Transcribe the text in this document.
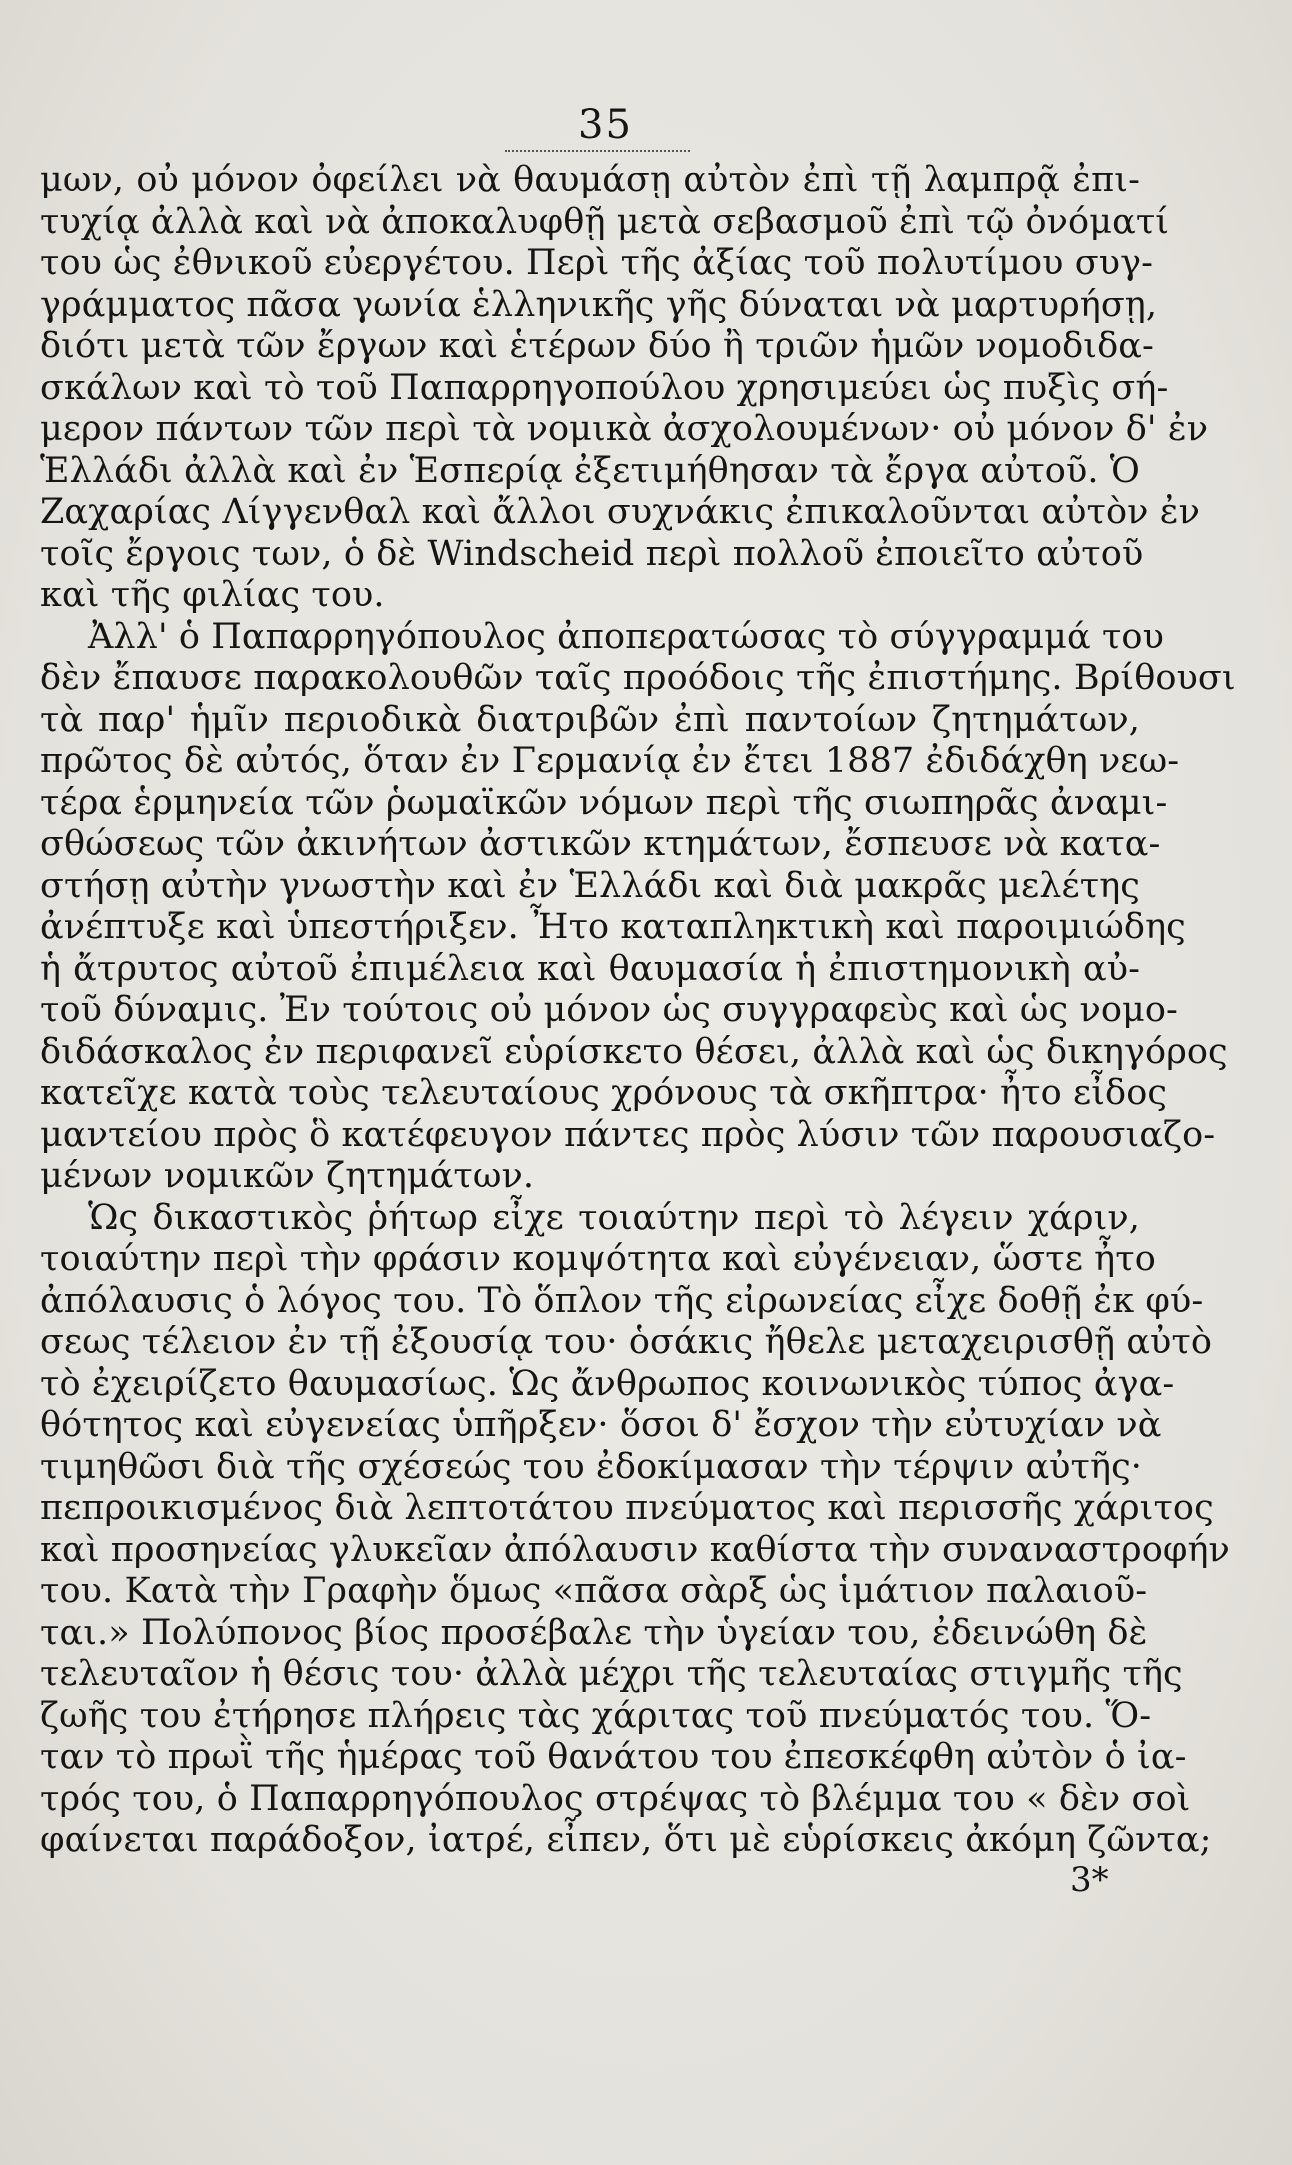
35
μων, οὐ μόνον ὀφείλει νὰ θαυμάσῃ αὐτὸν ἐπὶ τῇ λαμπρᾷ ἐπι-
τυχίᾳ ἀλλὰ καὶ νὰ ἀποκαλυφθῇ μετὰ σεβασμοῦ ἐπὶ τῷ ὀνόματί
του ὡς ἐθνικοῦ εὐεργέτου. Περὶ τῆς ἀξίας τοῦ πολυτίμου συγ-
γράμματος πᾶσα γωνία ἑλληνικῆς γῆς δύναται νὰ μαρτυρήσῃ,
διότι μετὰ τῶν ἔργων καὶ ἑτέρων δύο ἢ τριῶν ἡμῶν νομοδιδα-
σκάλων καὶ τὸ τοῦ Παπαρρηγοπούλου χρησιμεύει ὡς πυξὶς σή-
μερον πάντων τῶν περὶ τὰ νομικὰ ἀσχολουμένων· οὐ μόνον δ' ἐν
Ἑλλάδι ἀλλὰ καὶ ἐν Ἑσπερίᾳ ἐξετιμήθησαν τὰ ἔργα αὐτοῦ. Ὁ
Ζαχαρίας Λίγγενθαλ καὶ ἄλλοι συχνάκις ἐπικαλοῦνται αὐτὸν ἐν
τοῖς ἔργοις των, ὁ δὲ Windscheid περὶ πολλοῦ ἐποιεῖτο αὐτοῦ
καὶ τῆς φιλίας του.
Ἀλλ' ὁ Παπαρρηγόπουλος ἀποπερατώσας τὸ σύγγραμμά του
δὲν ἔπαυσε παρακολουθῶν ταῖς προόδοις τῆς ἐπιστήμης. Βρίθουσι
τὰ παρ' ἡμῖν περιοδικὰ διατριβῶν ἐπὶ παντοίων ζητημάτων,
πρῶτος δὲ αὐτός, ὅταν ἐν Γερμανίᾳ ἐν ἔτει 1887 ἐδιδάχθη νεω-
τέρα ἑρμηνεία τῶν ῥωμαϊκῶν νόμων περὶ τῆς σιωπηρᾶς ἀναμι-
σθώσεως τῶν ἀκινήτων ἀστικῶν κτημάτων, ἔσπευσε νὰ κατα-
στήσῃ αὐτὴν γνωστὴν καὶ ἐν Ἑλλάδι καὶ διὰ μακρᾶς μελέτης
ἀνέπτυξε καὶ ὑπεστήριξεν. Ἦτο καταπληκτικὴ καὶ παροιμιώδης
ἡ ἄτρυτος αὐτοῦ ἐπιμέλεια καὶ θαυμασία ἡ ἐπιστημονικὴ αὐ-
τοῦ δύναμις. Ἐν τούτοις οὐ μόνον ὡς συγγραφεὺς καὶ ὡς νομο-
διδάσκαλος ἐν περιφανεῖ εὑρίσκετο θέσει, ἀλλὰ καὶ ὡς δικηγόρος
κατεῖχε κατὰ τοὺς τελευταίους χρόνους τὰ σκῆπτρα· ἦτο εἶδος
μαντείου πρὸς ὃ κατέφευγον πάντες πρὸς λύσιν τῶν παρουσιαζο-
μένων νομικῶν ζητημάτων.
Ὡς δικαστικὸς ῥήτωρ εἶχε τοιαύτην περὶ τὸ λέγειν χάριν,
τοιαύτην περὶ τὴν φράσιν κομψότητα καὶ εὐγένειαν, ὥστε ἦτο
ἀπόλαυσις ὁ λόγος του. Τὸ ὅπλον τῆς εἰρωνείας εἶχε δοθῇ ἐκ φύ-
σεως τέλειον ἐν τῇ ἐξουσίᾳ του· ὁσάκις ἤθελε μεταχειρισθῇ αὐτὸ
τὸ ἐχειρίζετο θαυμασίως. Ὡς ἄνθρωπος κοινωνικὸς τύπος ἀγα-
θότητος καὶ εὐγενείας ὑπῆρξεν· ὅσοι δ' ἔσχον τὴν εὐτυχίαν νὰ
τιμηθῶσι διὰ τῆς σχέσεώς του ἐδοκίμασαν τὴν τέρψιν αὐτῆς·
πεπροικισμένος διὰ λεπτοτάτου πνεύματος καὶ περισσῆς χάριτος
καὶ προσηνείας γλυκεῖαν ἀπόλαυσιν καθίστα τὴν συναναστροφήν
του. Κατὰ τὴν Γραφὴν ὅμως «πᾶσα σὰρξ ὡς ἱμάτιον παλαιοῦ-
ται.» Πολύπονος βίος προσέβαλε τὴν ὑγείαν του, ἐδεινώθη δὲ
τελευταῖον ἡ θέσις του· ἀλλὰ μέχρι τῆς τελευταίας στιγμῆς τῆς
ζωῆς του ἐτήρησε πλήρεις τὰς χάριτας τοῦ πνεύματός του. Ὅ-
ταν τὸ πρωῒ τῆς ἡμέρας τοῦ θανάτου του ἐπεσκέφθη αὐτὸν ὁ ἰα-
τρός του, ὁ Παπαρρηγόπουλος στρέψας τὸ βλέμμα του « δὲν σοὶ
φαίνεται παράδοξον, ἰατρέ, εἶπεν, ὅτι μὲ εὑρίσκεις ἀκόμη ζῶντα;
3*
